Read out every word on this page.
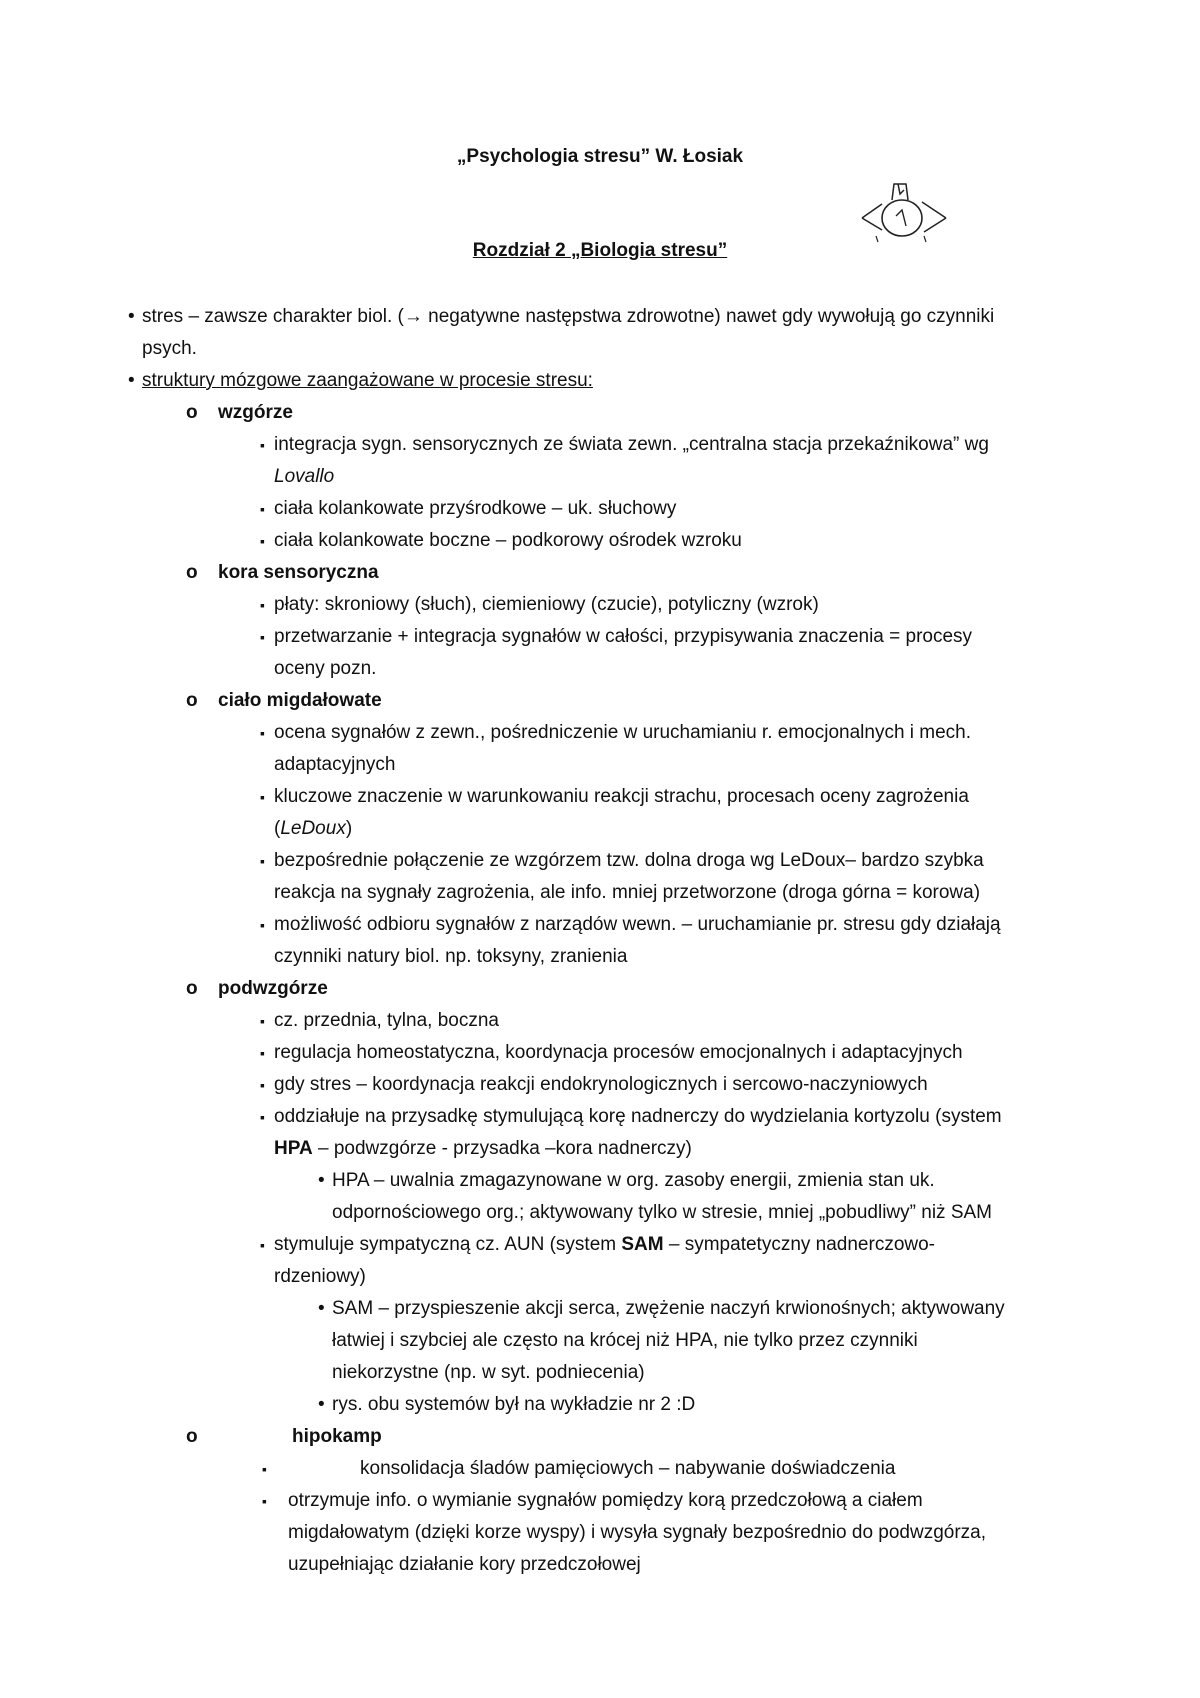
„Psychologia stresu” W. Łosiak
Rozdział 2 „Biologia stresu”
• stres – zawsze charakter biol. (→ negatywne następstwa zdrowotne) nawet gdy wywołują go czynniki
psych.
• struktury mózgowe zaangażowane w procesie stresu:
o wzgórze
▪ integracja sygn. sensorycznych ze świata zewn. „centralna stacja przekaźnikowa” wg
Lovallo
▪ ciała kolankowate przyśrodkowe – uk. słuchowy
▪ ciała kolankowate boczne – podkorowy ośrodek wzroku
o kora sensoryczna
▪ płaty: skroniowy (słuch), ciemieniowy (czucie), potyliczny (wzrok)
▪ przetwarzanie + integracja sygnałów w całości, przypisywania znaczenia = procesy
oceny pozn.
o ciało migdałowate
▪ ocena sygnałów z zewn., pośredniczenie w uruchamianiu r. emocjonalnych i mech.
adaptacyjnych
▪ kluczowe znaczenie w warunkowaniu reakcji strachu, procesach oceny zagrożenia
(LeDoux)
▪ bezpośrednie połączenie ze wzgórzem tzw. dolna droga wg LeDoux– bardzo szybka
reakcja na sygnały zagrożenia, ale info. mniej przetworzone (droga górna = korowa)
▪ możliwość odbioru sygnałów z narządów wewn. – uruchamianie pr. stresu gdy działają
czynniki natury biol. np. toksyny, zranienia
o podwzgórze
▪ cz. przednia, tylna, boczna
▪ regulacja homeostatyczna, koordynacja procesów emocjonalnych i adaptacyjnych
▪ gdy stres – koordynacja reakcji endokrynologicznych i sercowo-naczyniowych
▪ oddziałuje na przysadkę stymulującą korę nadnerczy do wydzielania kortyzolu (system
HPA – podwzgórze - przysadka –kora nadnerczy)
• HPA – uwalnia zmagazynowane w org. zasoby energii, zmienia stan uk.
odpornościowego org.; aktywowany tylko w stresie, mniej „pobudliwy” niż SAM
▪ stymuluje sympatyczną cz. AUN (system SAM – sympatetyczny nadnerczowo-
rdzeniowy)
• SAM – przyspieszenie akcji serca, zwężenie naczyń krwionośnych; aktywowany
łatwiej i szybciej ale często na krócej niż HPA, nie tylko przez czynniki
niekorzystne (np. w syt. podniecenia)
• rys. obu systemów był na wykładzie nr 2 :D
o	hipokamp
▪	konsolidacja śladów pamięciowych – nabywanie doświadczenia
▪ otrzymuje info. o wymianie sygnałów pomiędzy korą przedczołową a ciałem
migdałowatym (dzięki korze wyspy) i wysyła sygnały bezpośrednio do podwzgórza,
uzupełniając działanie kory przedczołowej
